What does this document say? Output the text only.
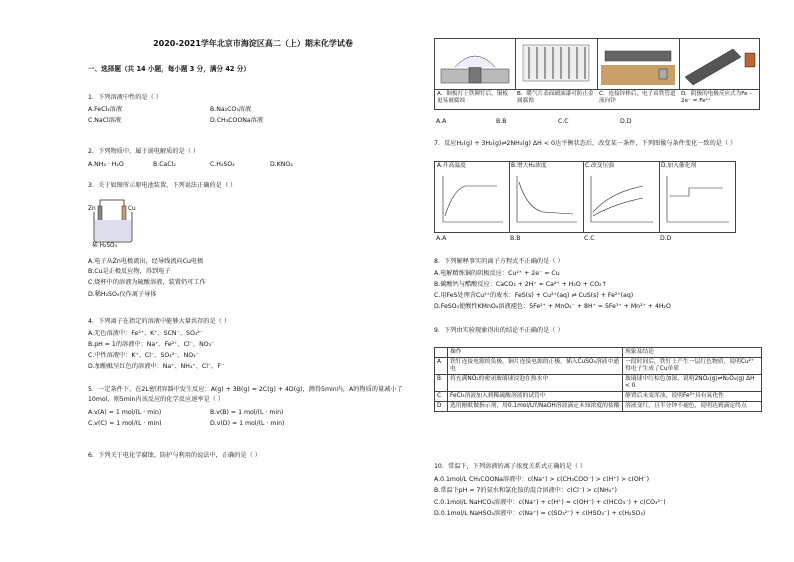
2020-2021学年北京市海淀区高二（上）期末化学试卷
一、选择题（共 14 小题，每小题 3 分，满分 42 分）
1．下列溶液中性的是（ ）
A.FeCl₃溶液	B.Na₂CO₃溶液
C.NaCl溶液	D.CH₃COONa溶液
2．下列物质中，属于弱电解质的是（ ）
A.NH₃ · H₂O	B.CaCl₂	C.H₂SO₄	D.KNO₃
3．关于如图所示原电池装置，下列说法正确的是（ ）
Zn	Cu
稀 H₂SO₄
A.电子从Zn电极流出，经导线流向Cu电极
B.Cu是正极反应物，得到电子
C.烧杯中的溶液为硫酸溶液，装置仍可工作
D.稀H₂SO₄仅作离子导体
4．下列离子在指定的溶液中能够大量共存的是（ ）
A.无色溶液中：Fe³⁺、K⁺、SCN⁻、SO₄²⁻
B.pH = 1的溶液中：Na⁺、Fe²⁺、Cl⁻、NO₃⁻
C.中性溶液中：K⁺、Cl⁻、SO₄²⁻、NO₃⁻
D.加酚酞呈红色的溶液中：Na⁺、NH₄⁺、Cl⁻、F⁻
5．一定条件下，在2L密闭容器中发生反应：A(g) + 3B(g) = 2C(g) + 4D(g)，测得5min内，A的物质的量减小了
10mol，则5min内该反应的化学反应速率是（ ）
A.v(A) = 1 mol/(L · min)	B.v(B) = 1 mol/(L · min)
C.v(C) = 1 mol/(L · min)	D.v(D) = 1 mol/(L · min)
6．下列关于电化学腐蚀、防护与利用的说法中，正确的是（ ）
A．铜板打上铁铆钉后，铜板更易被腐蚀
B．暖气片表面刷油漆可防止金属腐蚀
C．连接锌棒后，电子由铁管道流向锌
D．阴极的电极反应式为Fe - 2e⁻ = Fe²⁺
A.A	B.B	C.C	D.D
7．反应H₂(g) + 3H₂(g)⇌2NH₃(g) ΔH < 0达平衡状态后，改变某一条件，下列图像与条件变化一致的是（ ）
A.升高温度	B.增大H₂浓度	C.改变压强	D.加入催化剂
A.A	B.B	C.C	D.D
8．下列解释事实的离子方程式不正确的是（ ）
A.电解精炼铜的阴极反应：Cu²⁺ + 2e⁻ = Cu
B.碳酸钙与醋酸反应：CaCO₃ + 2H⁺ = Ca²⁺ + H₂O + CO₂↑
C.用FeS处理含Cu²⁺的废水：FeS(s) + Cu²⁺(aq) ⇌ CuS(s) + Fe²⁺(aq)
D.FeSO₄使酸性KMnO₄溶液褪色：5Fe²⁺ + MnO₄⁻ + 8H⁺ = 5Fe³⁺ + Mn²⁺ + 4H₂O
9．下列由实验现象得出的结论不正确的是（ ）
	操作	现象及结论
A	铁钉连接电源的负极，铜片连接电源的正极，插入CuSO₄溶液中通电	一段时间后，铁钉上产生一层红色物质，说明Cu²⁺得电子生成了Cu单质
B	将充满NO₂的密闭玻璃球浸泡在热水中	玻璃球中红棕色加深，说明2NO₂(g)⇌N₂O₄(g) ΔH < 0
C	FeCl₃溶液加入到稀硫酸溶液的试管中	静置后未变浑浊，说明Fe³⁺具有氧化性
D	选用酚酞做指示剂，用0.1mol/L的NaOH溶液滴定未知浓度的盐酸	溶液变红，且半分钟不褪色，说明达到滴定终点
10．常温下，下列溶液的离子浓度关系式正确的是（ ）
A.0.1mol/L CH₃COONa溶液中：c(Na⁺) > c(CH₃COO⁻) > c(H⁺) > c(OH⁻)
B.常温下pH = 7的氨水和氯化铵的混合溶液中：c(Cl⁻) > c(NH₄⁺)
C.0.1mol/L NaHCO₃溶液中：c(Na⁺) + c(H⁺) = c(OH⁻) + c(HCO₃⁻) + c(CO₃²⁻)
D.0.1mol/L NaHSO₃溶液中：c(Na⁺) = c(SO₃²⁻) + c(HSO₃⁻) + c(H₂SO₃)
